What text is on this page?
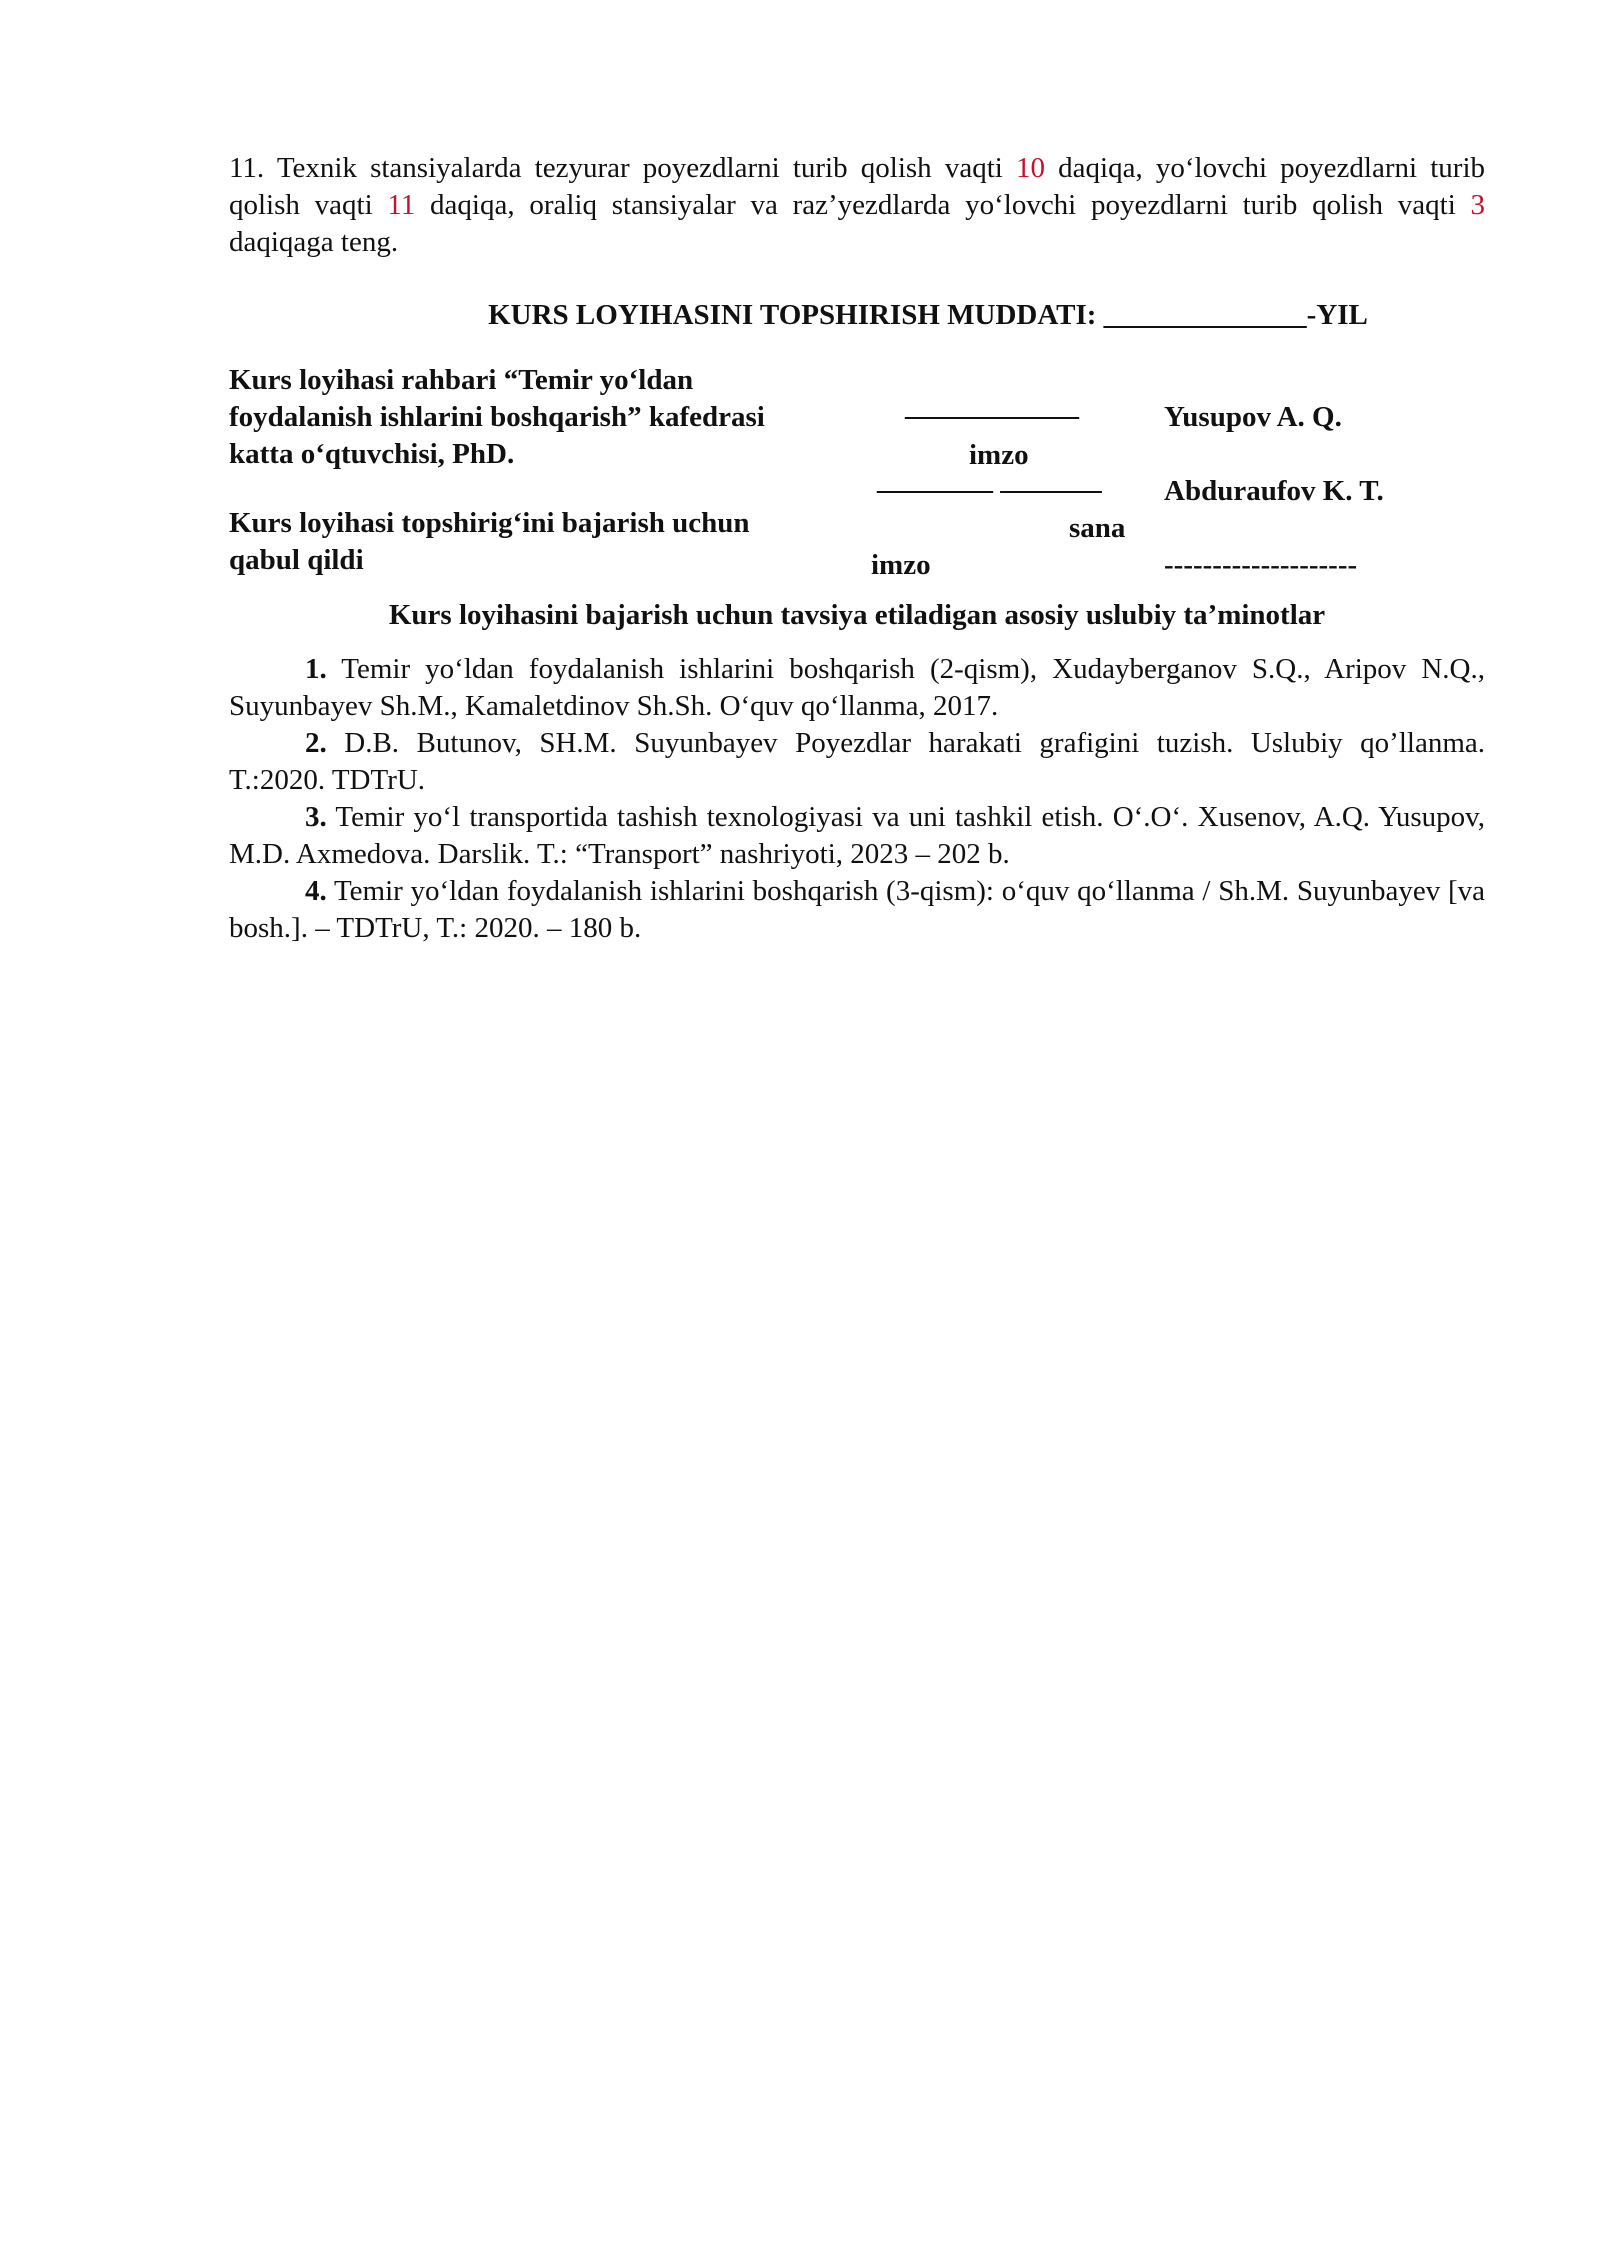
11. Texnik stansiyalarda tezyurar poyezdlarni turib qolish vaqti 10 daqiqa, yo‘lovchi poyezdlarni turib qolish vaqti 11 daqiqa, oraliq stansiyalar va raz’yezdlarda yo‘lovchi poyezdlarni turib qolish vaqti 3 daqiqaga teng.

KURS LOYIHASINI TOPSHIRISH MUDDATI: ______________-YIL

Kurs loyihasi rahbari “Temir yo‘ldan
foydalanish ishlarini boshqarish” kafedrasi
katta o‘qtuvchisi, PhD.
____________
imzo
Yusupov A. Q.
________ _______ Abduraufov K. T.
sana
Kurs loyihasi topshirig‘ini bajarish uchun
qabul qildi	imzo	--------------------

Kurs loyihasini bajarish uchun tavsiya etiladigan asosiy uslubiy ta’minotlar

1. Temir yo‘ldan foydalanish ishlarini boshqarish (2-qism), Xudayberganov S.Q., Aripov N.Q., Suyunbayev Sh.M., Kamaletdinov Sh.Sh. O‘quv qo‘llanma, 2017.

2. D.B. Butunov, SH.M. Suyunbayev Poyezdlar harakati grafigini tuzish. Uslubiy qo’llanma. T.:2020. TDTrU.

3. Temir yo‘l transportida tashish texnologiyasi va uni tashkil etish. O‘.O‘. Xusenov, A.Q. Yusupov, M.D. Axmedova. Darslik. T.: “Transport” nashriyoti, 2023 – 202 b.

4. Temir yo‘ldan foydalanish ishlarini boshqarish (3-qism): o‘quv qo‘llanma / Sh.M. Suyunbayev [va bosh.]. – TDTrU, T.: 2020. – 180 b.
